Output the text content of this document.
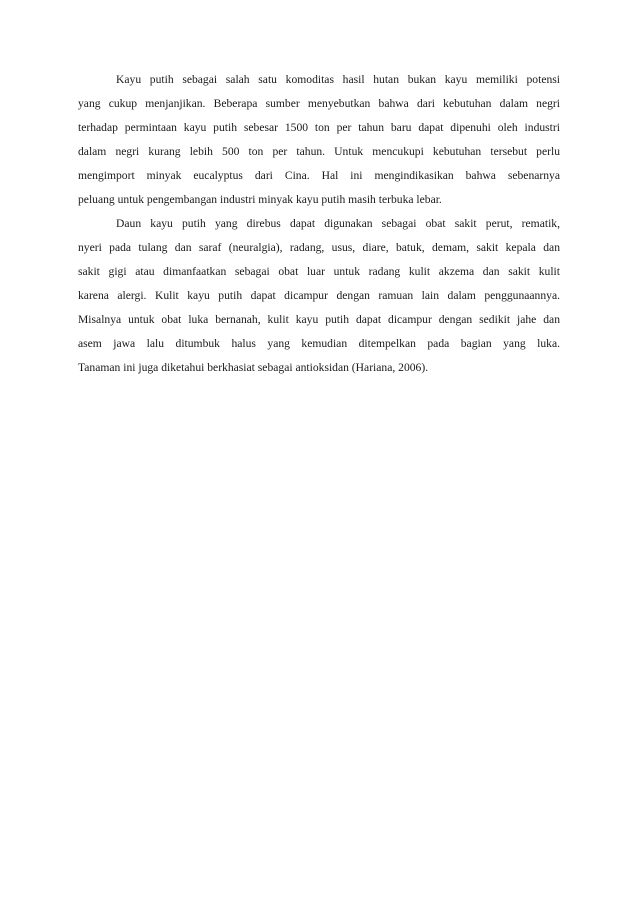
Kayu putih sebagai salah satu komoditas hasil hutan bukan kayu memiliki potensi
yang cukup menjanjikan. Beberapa sumber menyebutkan bahwa dari kebutuhan dalam negri
terhadap permintaan kayu putih sebesar 1500 ton per tahun baru dapat dipenuhi oleh industri
dalam negri kurang lebih 500 ton per tahun. Untuk mencukupi kebutuhan tersebut perlu
mengimport minyak eucalyptus dari Cina. Hal ini mengindikasikan bahwa sebenarnya
peluang untuk pengembangan industri minyak kayu putih masih terbuka lebar.
Daun kayu putih yang direbus dapat digunakan sebagai obat sakit perut, rematik,
nyeri pada tulang dan saraf (neuralgia), radang, usus, diare, batuk, demam, sakit kepala dan
sakit gigi atau dimanfaatkan sebagai obat luar untuk radang kulit akzema dan sakit kulit
karena alergi. Kulit kayu putih dapat dicampur dengan ramuan lain dalam penggunaannya.
Misalnya untuk obat luka bernanah, kulit kayu putih dapat dicampur dengan sedikit jahe dan
asem jawa lalu ditumbuk halus yang kemudian ditempelkan pada bagian yang luka.
Tanaman ini juga diketahui berkhasiat sebagai antioksidan (Hariana, 2006).
